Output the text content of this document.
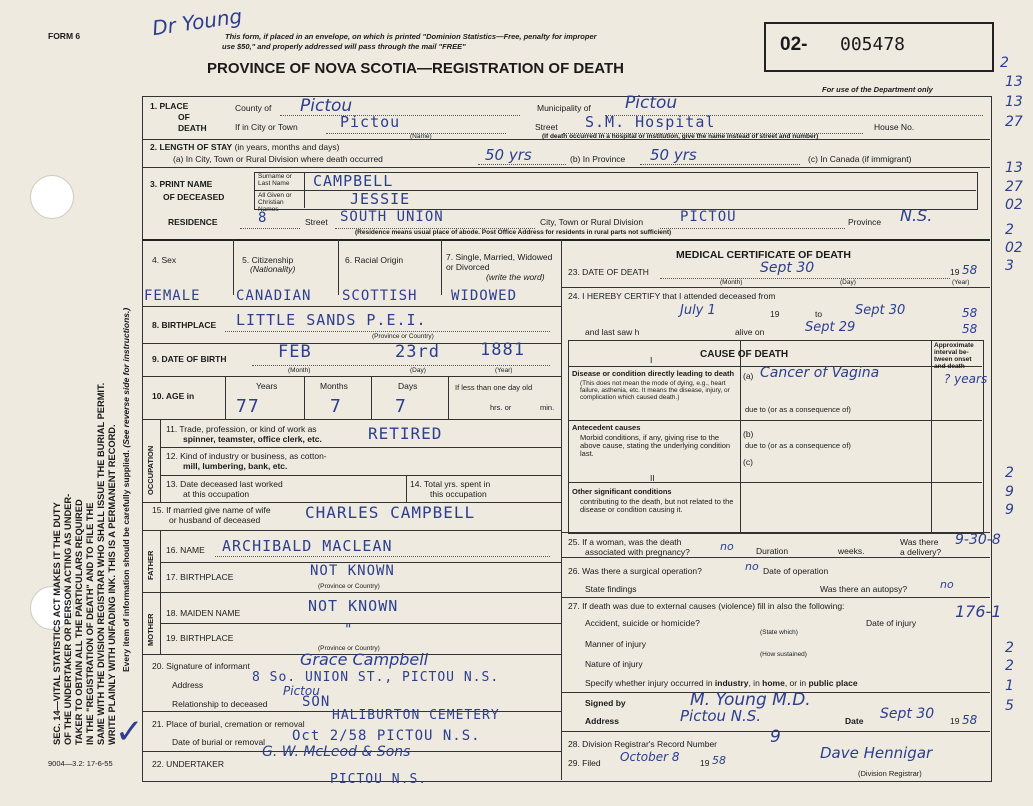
FORM 6	Dr Young
This form, if placed in an envelope, on which is printed "Dominion Statistics—Free, penalty for improper
use $50," and properly addressed will pass through the mail "FREE"
PROVINCE OF NOVA SCOTIA—REGISTRATION OF DEATH
02- 005478
For use of the Department only
SEC. 14—VITAL STATISTICS ACT MAKES IT THE DUTY OF THE UNDERTAKER OR PERSON ACTING AS UNDER- TAKER TO OBTAIN ALL THE PARTICULARS REQUIRED IN THE "REGISTRATION OF DEATH" AND TO FILE THE SAME WITH THE DIVISION REGISTRAR WHO SHALL ISSUE THE BURIAL PERMIT. WRITE PLAINLY WITH UNFADING INK. THIS IS A PERMANENT RECORD. Every item of information should be carefully supplied. (See reverse side for instructions.)
1. PLACE
OF
DEATH
County of Pictou	Municipality of Pictou
If in City or Town	Pictou
(Name)
Street S.M. Hospital	House No.
(If death occurred in a hospital or institution, give the name instead of street and number)
2. LENGTH OF STAY (in years, months and days)
(a) In City, Town or Rural Division where death occurred	50 yrs	(b) In Province 50 yrs	(c) In Canada (if immigrant)
3. PRINT NAME
OF DECEASED
Surname or Last Name
All Given or Christian Names
CAMPBELL
JESSIE
RESIDENCE	8	Street SOUTH UNION	City, Town or Rural Division	PICTOU	Province N.S.
(Residence means usual place of abode. Post Office Address for residents in rural parts not sufficient)
4. Sex	5. Citizenship
(Nationality)
6. Racial Origin	7. Single, Married, Widowed or Divorced
(write the word)
FEMALE	CANADIAN SCOTTISH WIDOWED
8. BIRTHPLACE LITTLE SANDS P.E.I.
(Province or Country)
9. DATE OF BIRTH	FEB	23rd 1881
(Month)	(Day)	(Year)
10. AGE in
Years	Months	Days
77	7	7
If less than one day old
hrs. or	min.
OCCUPATION
11. Trade, profession, or kind of work as
spinner, teamster, office clerk, etc.	RETIRED
12. Kind of industry or business, as cotton-
mill, lumbering, bank, etc.
13. Date deceased last worked
at this occupation
14. Total yrs. spent in
this occupation
15. If married give name of wife
or husband of deceased	CHARLES CAMPBELL
FATHER
16. NAME ARCHIBALD MACLEAN
17. BIRTHPLACE	NOT KNOWN
(Province or Country)
MOTHER
18. MAIDEN NAME	NOT KNOWN
19. BIRTHPLACE	"
(Province or Country)
20. Signature of informant	Grace Campbell
Address	8 So. UNION ST., PICTOU N.S.
Relationship to deceased
Pictou
SON
21. Place of burial, cremation or removal
HALIBURTON CEMETERY
Date of burial or removal Oct 2/58 PICTOU N.S.
22. UNDERTAKER
G. W. McLeod & Sons
PICTOU N.S.
MEDICAL CERTIFICATE OF DEATH
23. DATE OF DEATH	Sept 30	19 58
(Month)	(Day)	(Year)
24. I HEREBY CERTIFY that I attended deceased from
July 1	19	to	Sept 30	58
and last saw h	alive on	Sept 29	58
CAUSE OF DEATH
Approximate interval be-tween onset and death
I
Disease or condition directly leading to death
(This does not mean the mode of dying, e.g., heart failure, asthenia, etc. It means the disease, injury, or complication which caused death.)
(a) Cancer of Vagina	? years
due to (or as a consequence of)
Antecedent causes
Morbid conditions, if any, giving rise to the above cause, stating the underlying condition last.
(b)
due to (or as a consequence of)
(c)
II
Other significant conditions
contributing to the death, but not related to the disease or condition causing it.
25. If a woman, was the death
associated with pregnancy?	no	Duration	weeks.
Was there
a delivery?
26. Was there a surgical operation?	no Date of operation
State findings	Was there an autopsy?	no
27. If death was due to external causes (violence) fill in also the following:
Accident, suicide or homicide?
(State which)
Date of injury
Manner of injury
(How sustained)
Nature of injury
Specify whether injury occurred in industry, in home, or in public place
Signed by	M. Young M.D.
Address	Pictou N.S.	Date Sept 30 19 58
28. Division Registrar's Record Number	9
29. Filed October 8 19 58	Dave Hennigar
(Division Registrar)
2
13
13
27
13
27
02
2
02
3
9-30-8
176-1
2
2
1
9
9
2
5
9004—3.2: 17-6-55
✓
